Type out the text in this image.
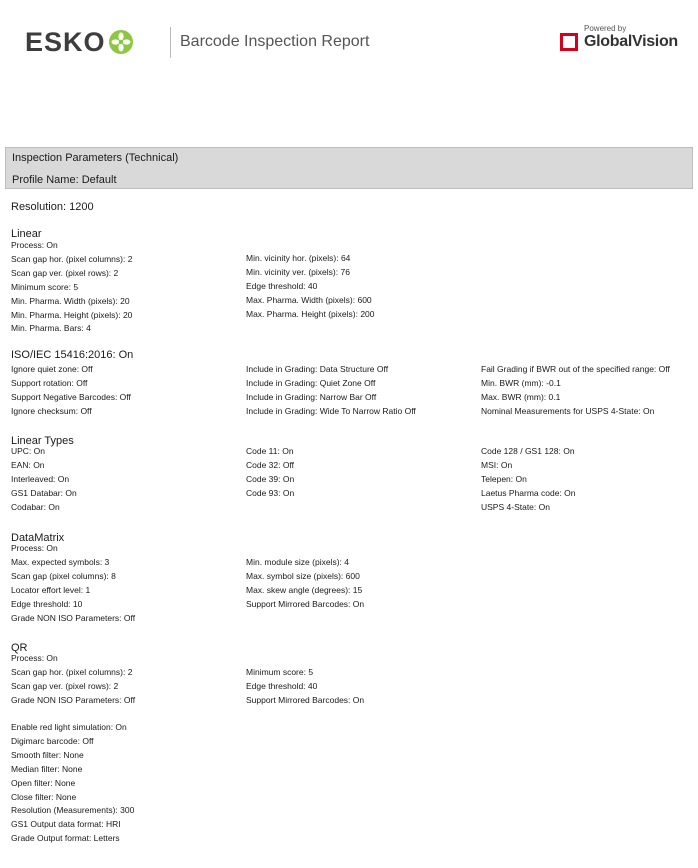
ESKO	Barcode Inspection Report
Powered by
GlobalVision
Inspection Parameters (Technical)
Profile Name: Default
Resolution: 1200
Linear
Process: On
Scan gap hor. (pixel columns): 2
Scan gap ver. (pixel rows): 2
Minimum score: 5
Min. Pharma. Width (pixels): 20
Min. Pharma. Height (pixels): 20
Min. Pharma. Bars: 4
Min. vicinity hor. (pixels): 64
Min. vicinity ver. (pixels): 76
Edge threshold: 40
Max. Pharma. Width (pixels): 600
Max. Pharma. Height (pixels): 200
ISO/IEC 15416:2016: On
Ignore quiet zone: Off
Support rotation: Off
Support Negative Barcodes: Off
Ignore checksum: Off
Include in Grading: Data Structure Off
Include in Grading: Quiet Zone Off
Include in Grading: Narrow Bar Off
Include in Grading: Wide To Narrow Ratio Off
Fail Grading if BWR out of the specified range: Off
Min. BWR (mm): -0.1
Max. BWR (mm): 0.1
Nominal Measurements for USPS 4-State: On
Linear Types
UPC: On
EAN: On
Interleaved: On
GS1 Databar: On
Codabar: On
Code 11: On
Code 32: Off
Code 39: On
Code 93: On
Code 128 / GS1 128: On
MSI: On
Telepen: On
Laetus Pharma code: On
USPS 4-State: On
DataMatrix
Process: On
Max. expected symbols: 3
Scan gap (pixel columns): 8
Locator effort level: 1
Edge threshold: 10
Grade NON ISO Parameters: Off
Min. module size (pixels): 4
Max. symbol size (pixels): 600
Max. skew angle (degrees): 15
Support Mirrored Barcodes: On
QR
Process: On
Scan gap hor. (pixel columns): 2
Scan gap ver. (pixel rows): 2
Grade NON ISO Parameters: Off
Minimum score: 5
Edge threshold: 40
Support Mirrored Barcodes: On
Enable red light simulation: On
Digimarc barcode: Off
Smooth filter: None
Median filter: None
Open filter: None
Close filter: None
Resolution (Measurements): 300
GS1 Output data format: HRI
Grade Output format: Letters
